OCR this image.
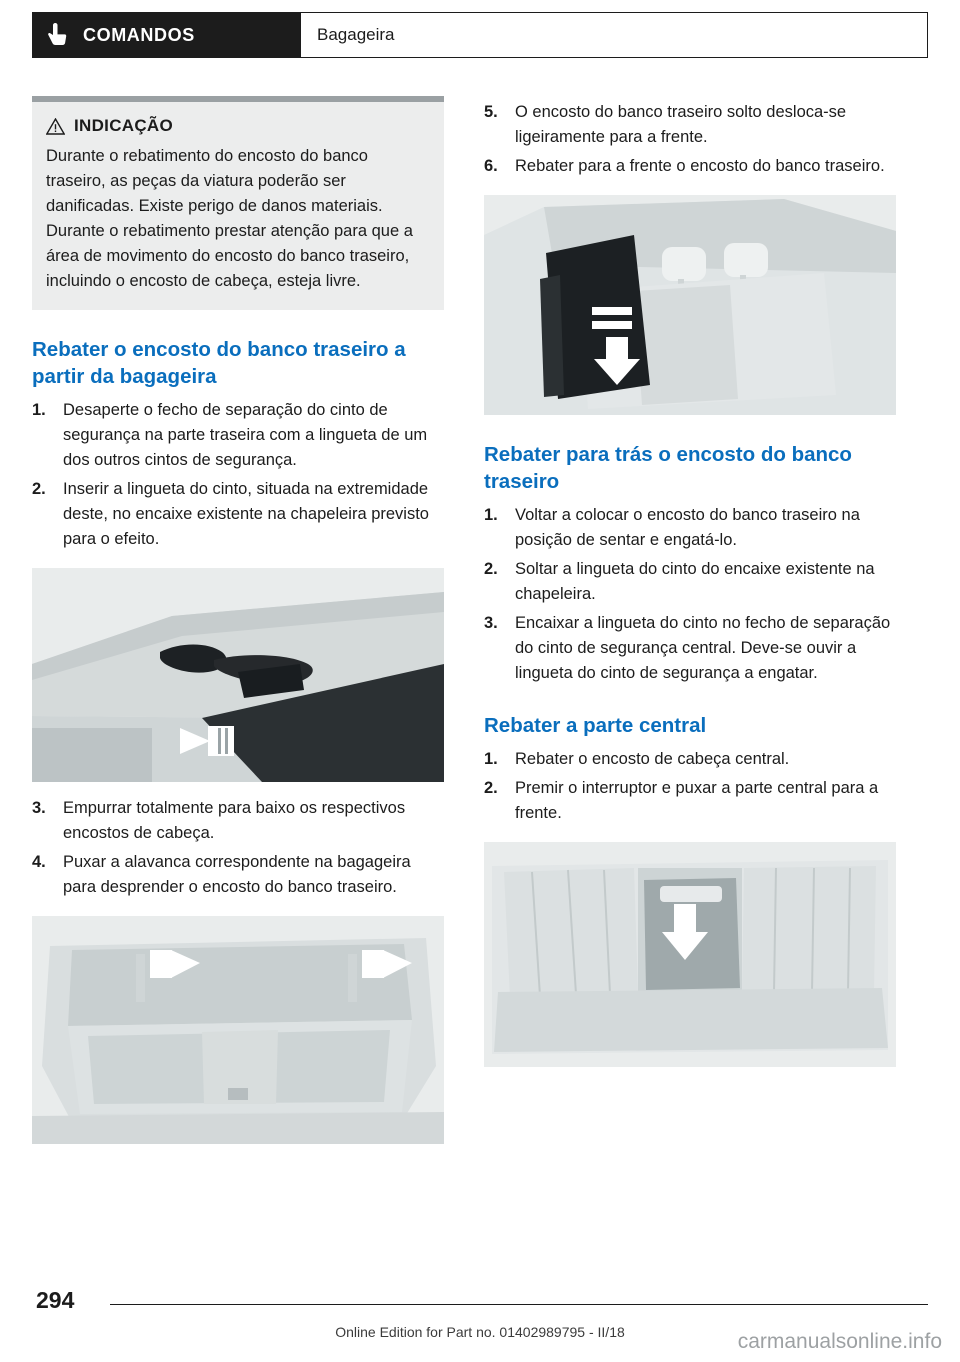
COMANDOS	Bagageira
INDICAÇÃO
Durante o rebatimento do encosto do banco traseiro, as peças da viatura poderão ser danificadas. Existe perigo de danos materiais. Durante o rebatimento prestar atenção para que a área de movimento do encosto do banco traseiro, incluindo o encosto de cabeça, esteja livre.
Rebater o encosto do banco traseiro a partir da bagageira
1.	Desaperte o fecho de separação do cinto de segurança na parte traseira com a lingueta de um dos outros cintos de segurança.
2.	Inserir a lingueta do cinto, situada na extremidade deste, no encaixe existente na chapeleira previsto para o efeito.
3.	Empurrar totalmente para baixo os respectivos encostos de cabeça.
4.	Puxar a alavanca correspondente na bagageira para desprender o encosto do banco traseiro.
5.	O encosto do banco traseiro solto desloca-se ligeiramente para a frente.
6.	Rebater para a frente o encosto do banco traseiro.
Rebater para trás o encosto do banco traseiro
1.	Voltar a colocar o encosto do banco traseiro na posição de sentar e engatá-lo.
2.	Soltar a lingueta do cinto do encaixe existente na chapeleira.
3.	Encaixar a lingueta do cinto no fecho de separação do cinto de segurança central. Deve-se ouvir a lingueta do cinto de segurança a engatar.
Rebater a parte central
1.	Rebater o encosto de cabeça central.
2.	Premir o interruptor e puxar a parte central para a frente.
294
Online Edition for Part no. 01402989795 - II/18	carmanualsonline.info
